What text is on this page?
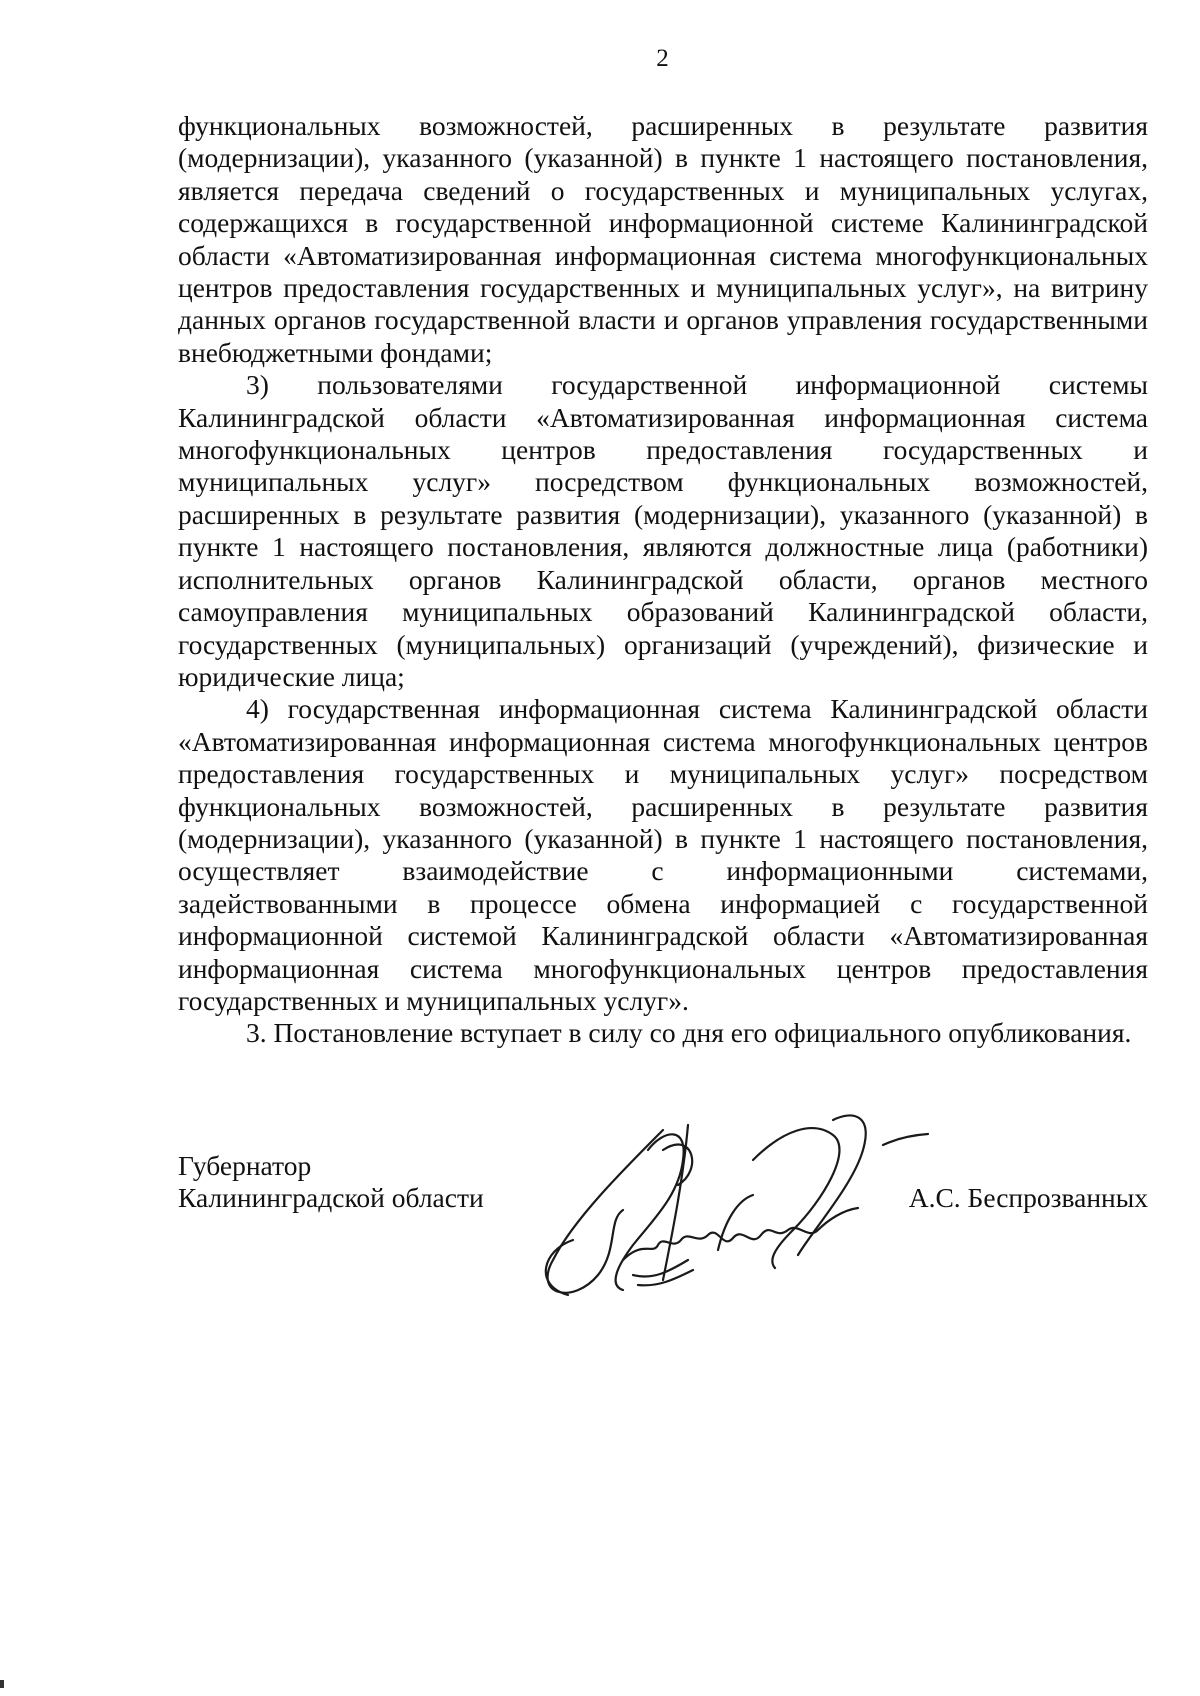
2

функциональных возможностей, расширенных в результате развития (модернизации), указанного (указанной) в пункте 1 настоящего постановления, является передача сведений о государственных и муниципальных услугах, содержащихся в государственной информационной системе Калининградской области «Автоматизированная информационная система многофункциональных центров предоставления государственных и муниципальных услуг», на витрину данных органов государственной власти и органов управления государственными внебюджетными фондами;

3) пользователями государственной информационной системы Калининградской области «Автоматизированная информационная система многофункциональных центров предоставления государственных и муниципальных услуг» посредством функциональных возможностей, расширенных в результате развития (модернизации), указанного (указанной) в пункте 1 настоящего постановления, являются должностные лица (работники) исполнительных органов Калининградской области, органов местного самоуправления муниципальных образований Калининградской области, государственных (муниципальных) организаций (учреждений), физические и юридические лица;

4) государственная информационная система Калининградской области «Автоматизированная информационная система многофункциональных центров предоставления государственных и муниципальных услуг» посредством функциональных возможностей, расширенных в результате развития (модернизации), указанного (указанной) в пункте 1 настоящего постановления, осуществляет взаимодействие с информационными системами, задействованными в процессе обмена информацией с государственной информационной системой Калининградской области «Автоматизированная информационная система многофункциональных центров предоставления государственных и муниципальных услуг».

3. Постановление вступает в силу со дня его официального опубликования.

Губернатор
Калининградской области	А.С. Беспрозванных
